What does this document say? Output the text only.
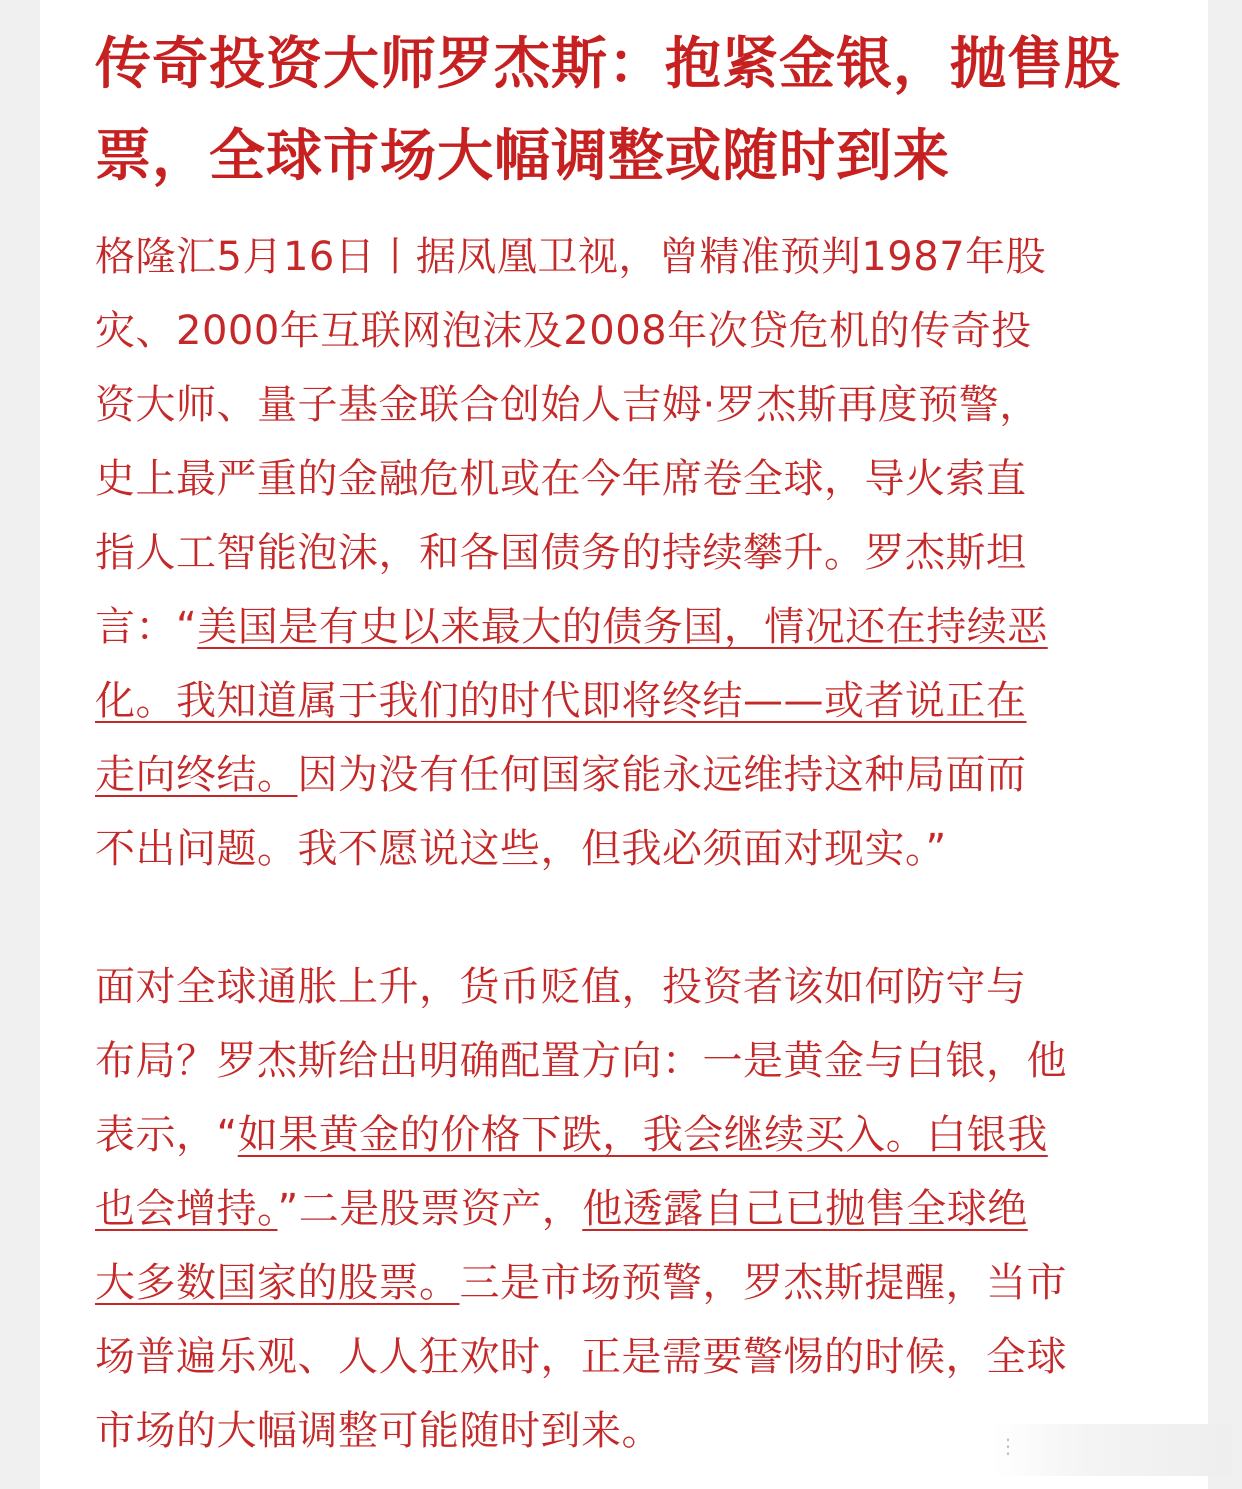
传奇投资大师罗杰斯：抱紧金银，抛售股
票，全球市场大幅调整或随时到来
格隆汇5月16日丨据凤凰卫视，曾精准预判1987年股
灾、2000年互联网泡沫及2008年次贷危机的传奇投
资大师、量子基金联合创始人吉姆·罗杰斯再度预警，
史上最严重的金融危机或在今年席卷全球，导火索直
指人工智能泡沫，和各国债务的持续攀升。罗杰斯坦
言：“美国是有史以来最大的债务国，情况还在持续恶
化。我知道属于我们的时代即将终结——或者说正在
走向终结。因为没有任何国家能永远维持这种局面而
不出问题。我不愿说这些，但我必须面对现实。”
面对全球通胀上升，货币贬值，投资者该如何防守与
布局？罗杰斯给出明确配置方向：一是黄金与白银，他
表示，“如果黄金的价格下跌，我会继续买入。白银我
也会增持。”二是股票资产，他透露自己已抛售全球绝
大多数国家的股票。三是市场预警，罗杰斯提醒，当市
场普遍乐观、人人狂欢时，正是需要警惕的时候，全球
市场的大幅调整可能随时到来。	⋮
